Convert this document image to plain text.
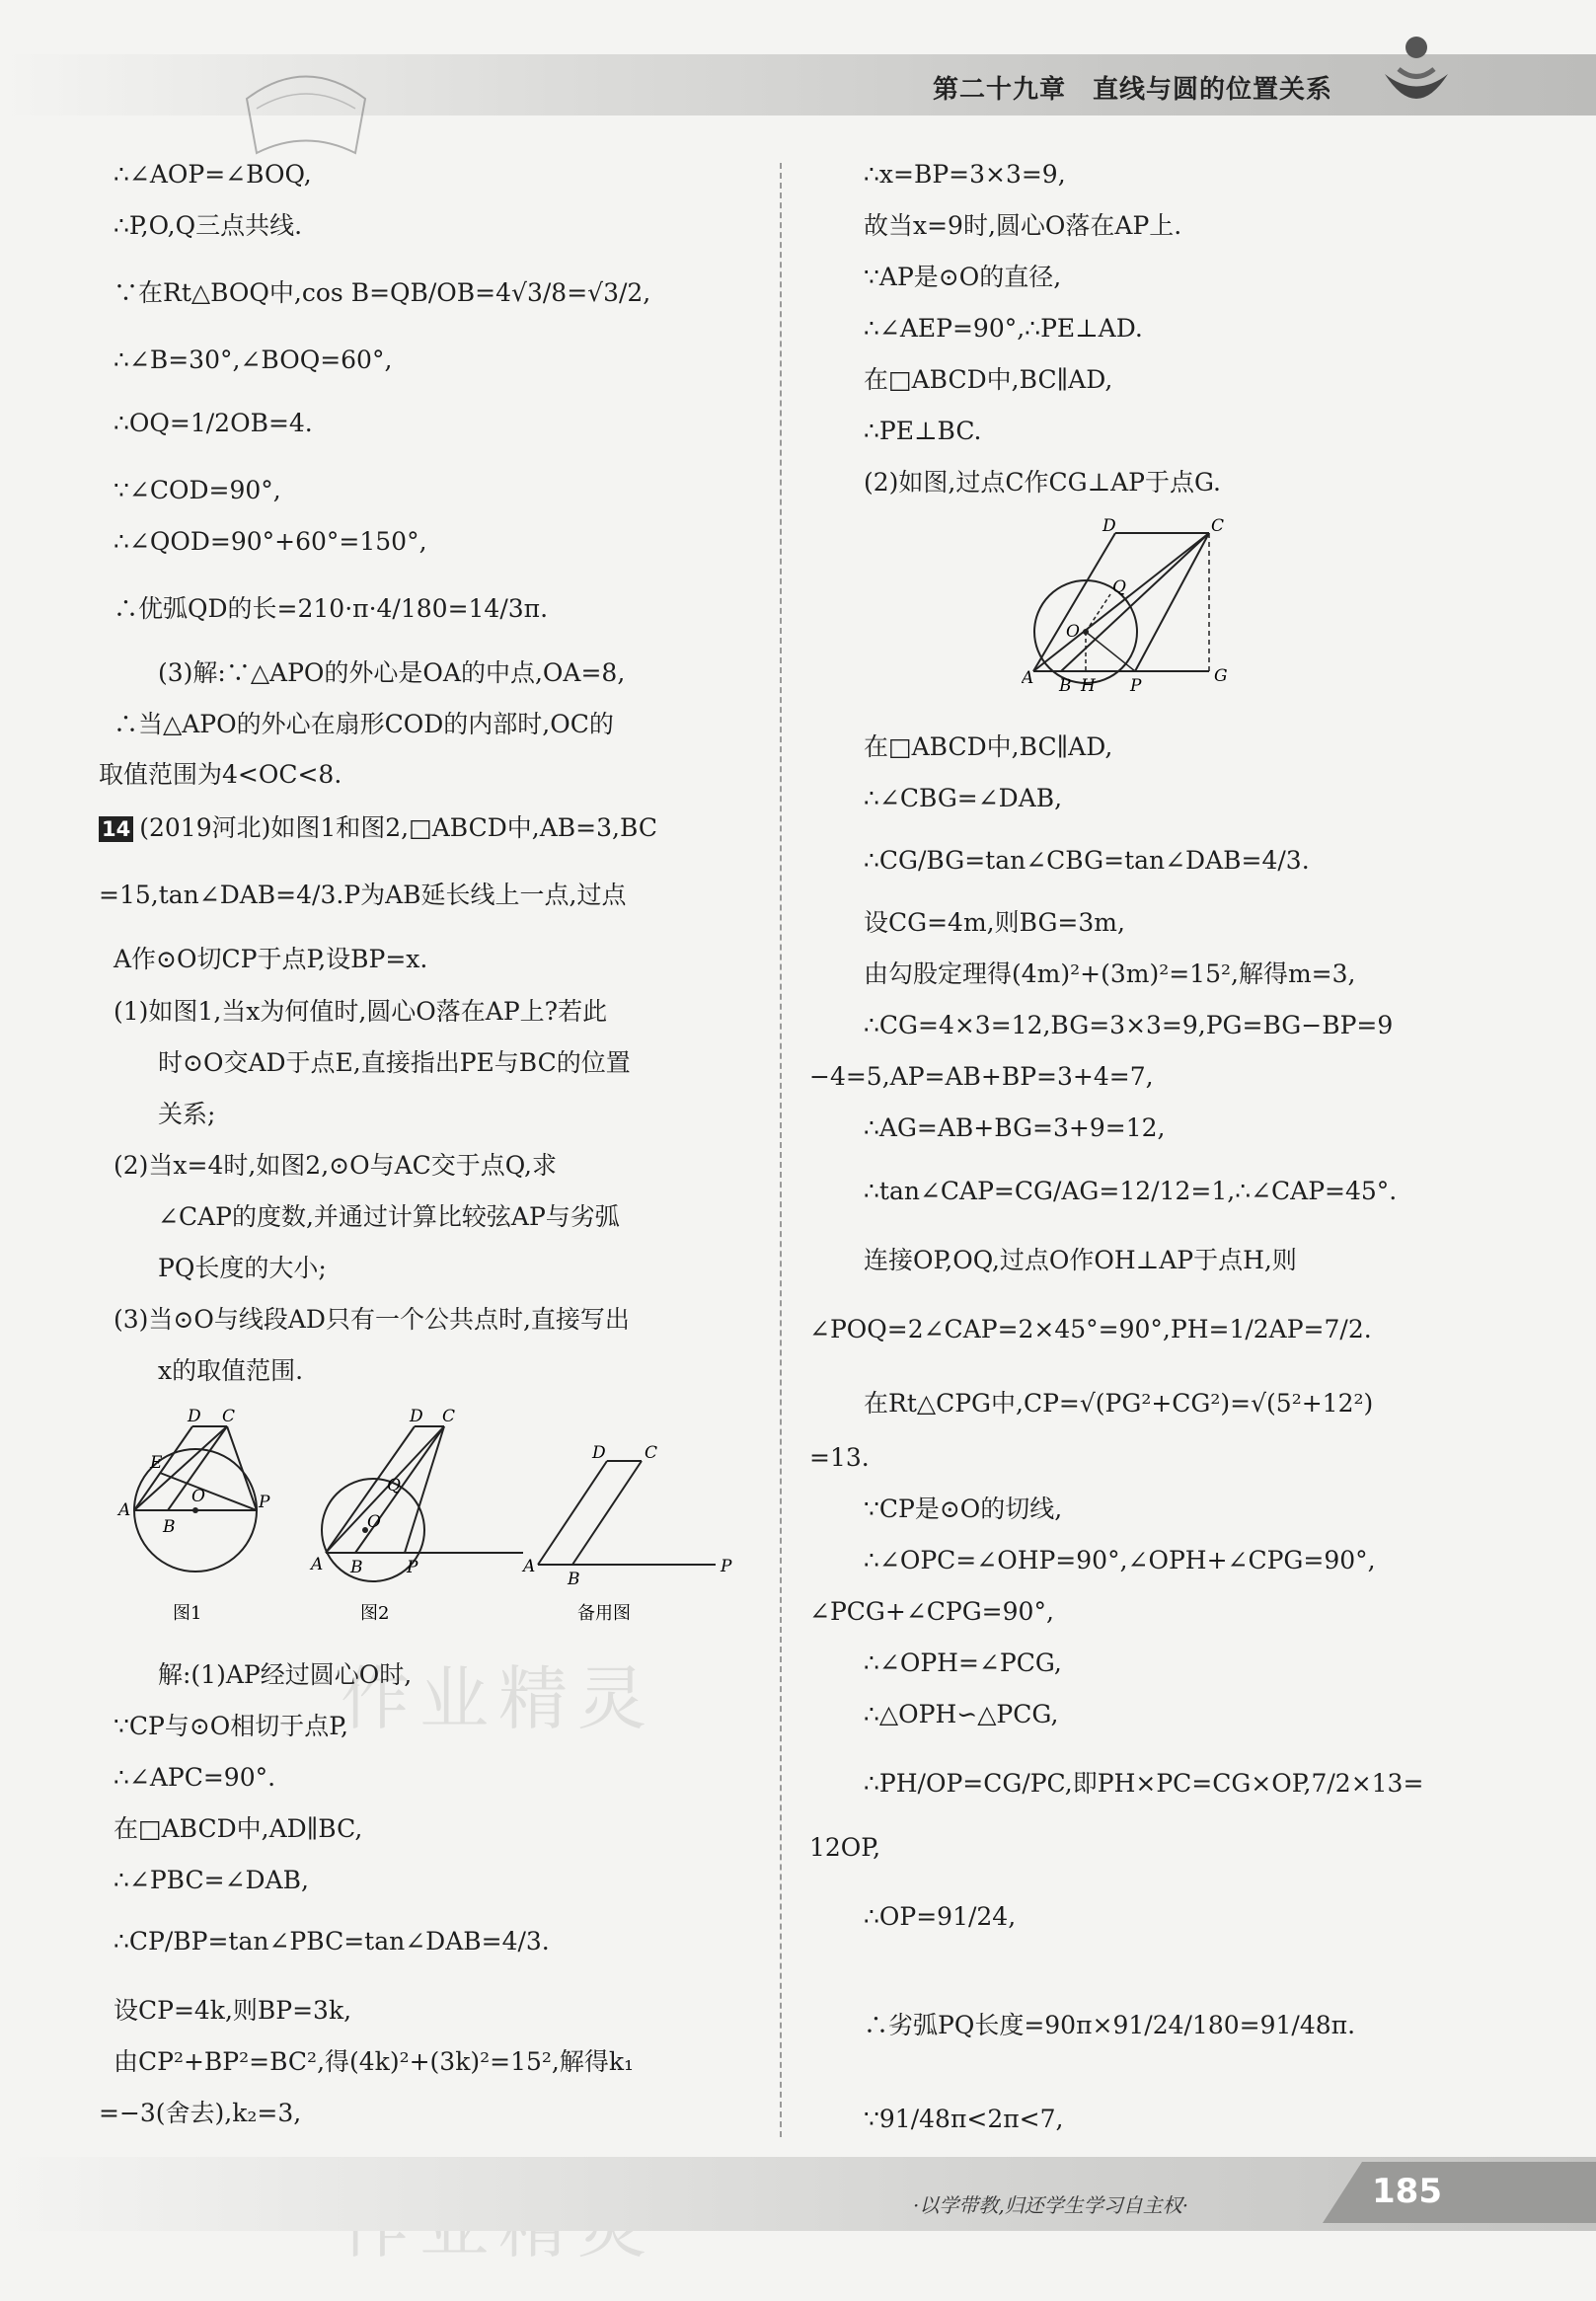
第二十九章　直线与圆的位置关系
作业精灵
∴∠AOP=∠BOQ,
∴P,O,Q三点共线.
∵在Rt△BOQ中,cos B=QB/OB=4√3/8=√3/2,
∴∠B=30°,∠BOQ=60°,
∴OQ=1/2OB=4.
∵∠COD=90°,
∴∠QOD=90°+60°=150°,
∴优弧QD的长=210·π·4/180=14/3π.
(3)解:∵△APO的外心是OA的中点,OA=8,
∴当△APO的外心在扇形COD的内部时,OC的
取值范围为4<OC<8.
14 (2019河北)如图1和图2,□ABCD中,AB=3,BC
=15,tan∠DAB=4/3.P为AB延长线上一点,过点
A作⊙O切CP于点P,设BP=x.
(1)如图1,当x为何值时,圆心O落在AP上?若此
时⊙O交AD于点E,直接指出PE与BC的位置
关系;
(2)当x=4时,如图2,⊙O与AC交于点Q,求
∠CAP的度数,并通过计算比较弦AP与劣弧
PQ长度的大小;
(3)当⊙O与线段AD只有一个公共点时,直接写出
x的取值范围.
A
B
D C
E
O	P
图1
A B	P
D C
Q
O
图2
A
B
P
D C
备用图
解:(1)AP经过圆心O时,
∵CP与⊙O相切于点P,
∴∠APC=90°.
在□ABCD中,AD∥BC,
∴∠PBC=∠DAB,
∴CP/BP=tan∠PBC=tan∠DAB=4/3.
设CP=4k,则BP=3k,
由CP²+BP²=BC²,得(4k)²+(3k)²=15²,解得k₁
=−3(舍去),k₂=3,
∴x=BP=3×3=9,
故当x=9时,圆心O落在AP上.
∵AP是⊙O的直径,
∴∠AEP=90°,∴PE⊥AD.
在□ABCD中,BC∥AD,
∴PE⊥BC.
(2)如图,过点C作CG⊥AP于点G.
A B H P	G
D	C
Q
O
在□ABCD中,BC∥AD,
∴∠CBG=∠DAB,
∴CG/BG=tan∠CBG=tan∠DAB=4/3.
设CG=4m,则BG=3m,
由勾股定理得(4m)²+(3m)²=15²,解得m=3,
∴CG=4×3=12,BG=3×3=9,PG=BG−BP=9
−4=5,AP=AB+BP=3+4=7,
∴AG=AB+BG=3+9=12,
∴tan∠CAP=CG/AG=12/12=1,∴∠CAP=45°.
连接OP,OQ,过点O作OH⊥AP于点H,则
∠POQ=2∠CAP=2×45°=90°,PH=1/2AP=7/2.
在Rt△CPG中,CP=√(PG²+CG²)=√(5²+12²)
=13.
∵CP是⊙O的切线,
∴∠OPC=∠OHP=90°,∠OPH+∠CPG=90°,
∠PCG+∠CPG=90°,
∴∠OPH=∠PCG,
∴△OPH∽△PCG,
∴PH/OP=CG/PC,即PH×PC=CG×OP,7/2×13=
12OP,
∴OP=91/24,
∴劣弧PQ长度=90π×91/24/180=91/48π.
∵91/48π<2π<7,
·以学带教,归还学生学习自主权·	185
